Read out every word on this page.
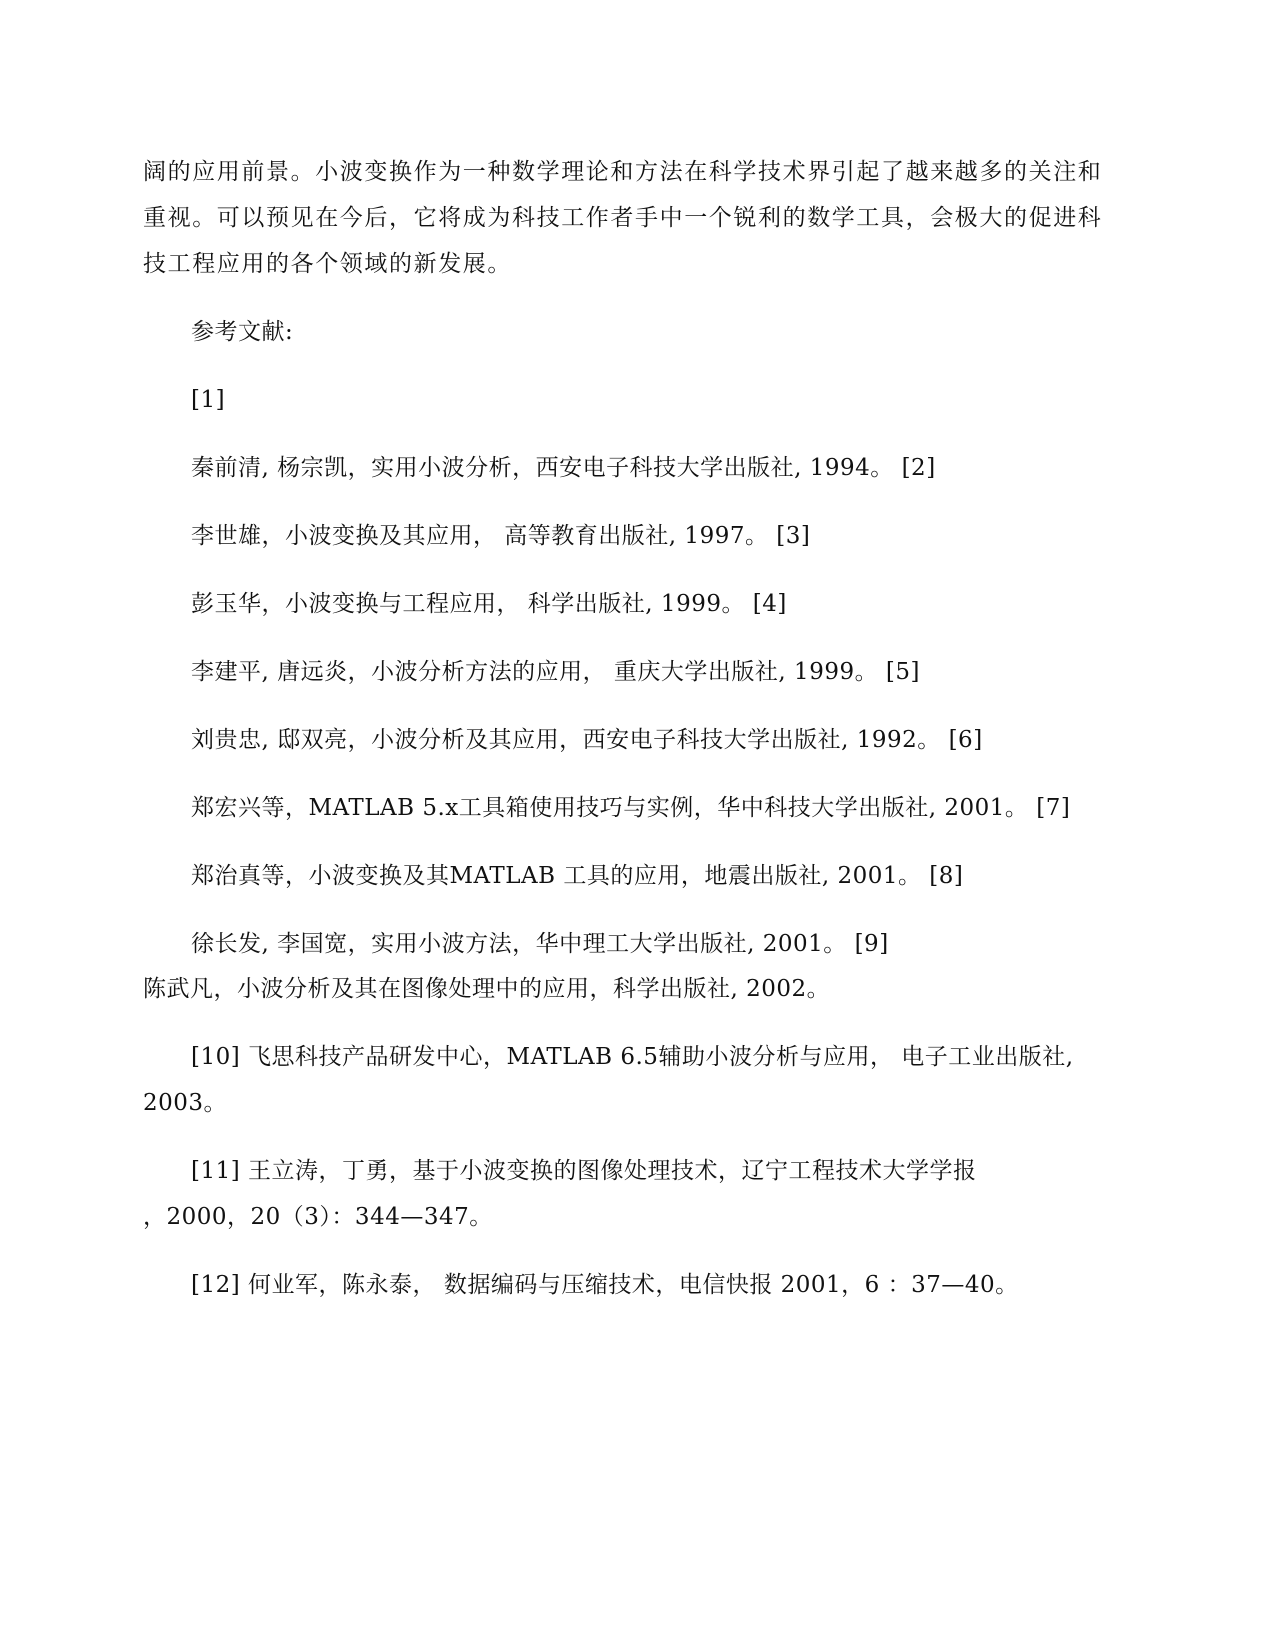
阔的应用前景。小波变换作为一种数学理论和方法在科学技术界引起了越来越多的关注和
重视。可以预见在今后，它将成为科技工作者手中一个锐利的数学工具，会极大的促进科
技工程应用的各个领域的新发展。
参考文献:
[1]
秦前清, 杨宗凯，实用小波分析，西安电子科技大学出版社, 1994。 [2]
李世雄，小波变换及其应用， 高等教育出版社, 1997。 [3]
彭玉华，小波变换与工程应用， 科学出版社, 1999。 [4]
李建平, 唐远炎，小波分析方法的应用， 重庆大学出版社, 1999。 [5]
刘贵忠, 邸双亮，小波分析及其应用，西安电子科技大学出版社, 1992。 [6]
郑宏兴等，MATLAB 5.x工具箱使用技巧与实例，华中科技大学出版社, 2001。 [7]
郑治真等，小波变换及其MATLAB 工具的应用，地震出版社, 2001。 [8]
徐长发, 李国宽，实用小波方法，华中理工大学出版社, 2001。 [9]
陈武凡，小波分析及其在图像处理中的应用，科学出版社, 2002。
[10] 飞思科技产品研发中心，MATLAB 6.5辅助小波分析与应用， 电子工业出版社,
2003。
[11] 王立涛，丁勇，基于小波变换的图像处理技术，辽宁工程技术大学学报
，2000，20（3）：344—347。
[12] 何业军，陈永泰， 数据编码与压缩技术，电信快报 2001，6 ：37—40。
